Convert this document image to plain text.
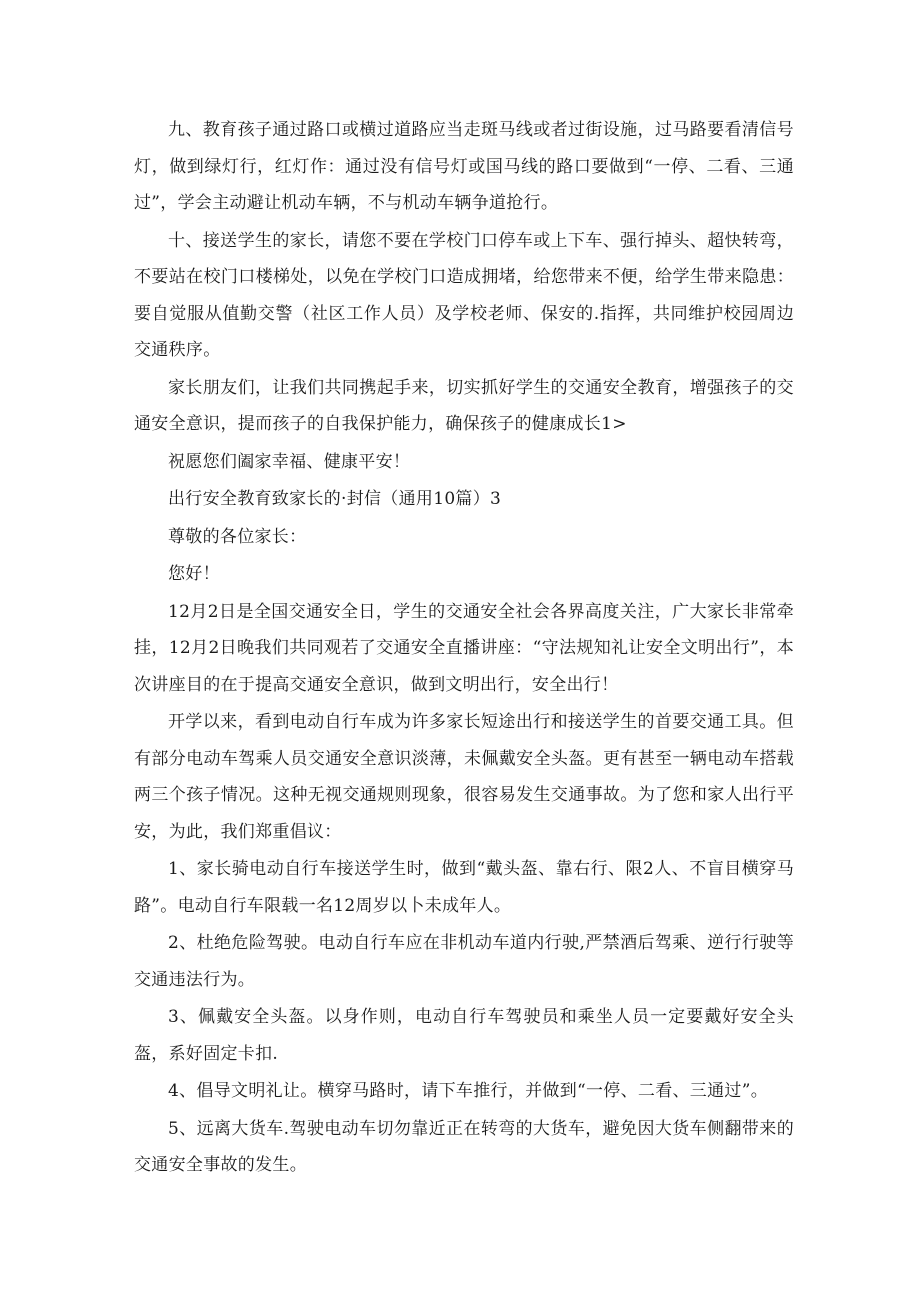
九、教育孩子通过路口或横过道路应当走斑马线或者过街设施，过马路要看清信号灯，做到绿灯行，红灯作：通过没有信号灯或国马线的路口要做到“一停、二看、三通过”，学会主动避让机动车辆，不与机动车辆争道抢行。

十、接送学生的家长，请您不要在学校门口停车或上下车、强行掉头、超快转弯，不要站在校门口楼梯处，以免在学校门口造成拥堵，给您带来不便，给学生带来隐患：要自觉服从值勤交警（社区工作人员）及学校老师、保安的.指挥，共同维护校园周边交通秩序。

家长朋友们，让我们共同携起手来，切实抓好学生的交通安全教育，增强孩子的交通安全意识，提而孩子的自我保护能力，确保孩子的健康成长1>

祝愿您们阖家幸福、健康平安！

出行安全教育致家长的·封信（通用10篇）3

尊敬的各位家长：

您好！

12月2日是全国交通安全日，学生的交通安全社会各界高度关注，广大家长非常牵挂，12月2日晚我们共同观若了交通安全直播讲座：“守法规知礼让安全文明出行”，本次讲座目的在于提高交通安全意识，做到文明出行，安全出行！

开学以来，看到电动自行车成为许多家长短途出行和接送学生的首要交通工具。但有部分电动车驾乘人员交通安全意识淡薄，未佩戴安全头盔。更有甚至一辆电动车搭载两三个孩子情况。这种无视交通规则现象，很容易发生交通事故。为了您和家人出行平安，为此，我们郑重倡议：

1、家长骑电动自行车接送学生时，做到“戴头盔、靠右行、限2人、不盲目横穿马路”。电动自行车限载一名12周岁以卜未成年人。

2、杜绝危险驾驶。电动自行车应在非机动车道内行驶,严禁酒后驾乘、逆行行驶等交通违法行为。

3、佩戴安全头盔。以身作则，电动自行车驾驶员和乘坐人员一定要戴好安全头盔，系好固定卡扣.

4、倡导文明礼让。横穿马路时，请下车推行，并做到“一停、二看、三通过”。

5、远离大货车.驾驶电动车切勿靠近正在转弯的大货车，避免因大货车侧翻带来的交通安全事故的发生。
